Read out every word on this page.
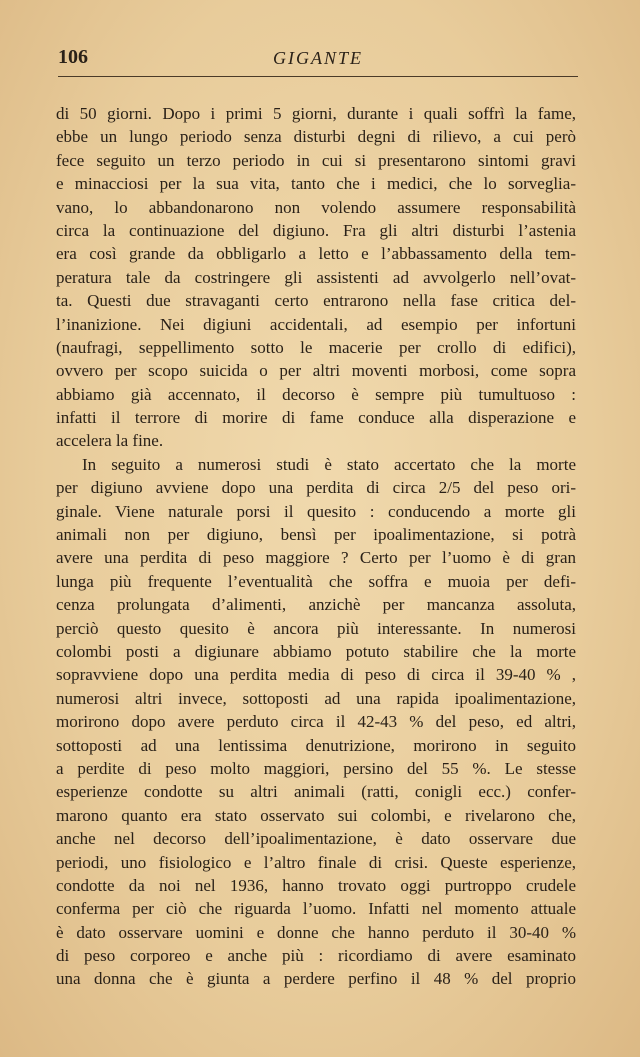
106	GIGANTE
di 50 giorni. Dopo i primi 5 giorni, durante i quali soffrì la fame,
ebbe un lungo periodo senza disturbi degni di rilievo, a cui però
fece seguito un terzo periodo in cui si presentarono sintomi gravi
e minacciosi per la sua vita, tanto che i medici, che lo sorveglia-
vano, lo abbandonarono non volendo assumere responsabilità
circa la continuazione del digiuno. Fra gli altri disturbi l’astenia
era così grande da obbligarlo a letto e l’abbassamento della tem-
peratura tale da costringere gli assistenti ad avvolgerlo nell’ovat-
ta. Questi due stravaganti certo entrarono nella fase critica del-
l’inanizione. Nei digiuni accidentali, ad esempio per infortuni
(naufragi, seppellimento sotto le macerie per crollo di edifici),
ovvero per scopo suicida o per altri moventi morbosi, come sopra
abbiamo già accennato, il decorso è sempre più tumultuoso :
infatti il terrore di morire di fame conduce alla disperazione e
accelera la fine.
In seguito a numerosi studi è stato accertato che la morte
per digiuno avviene dopo una perdita di circa 2/5 del peso ori-
ginale. Viene naturale porsi il quesito : conducendo a morte gli
animali non per digiuno, bensì per ipoalimentazione, si potrà
avere una perdita di peso maggiore ? Certo per l’uomo è di gran
lunga più frequente l’eventualità che soffra e muoia per defi-
cenza prolungata d’alimenti, anzichè per mancanza assoluta,
perciò questo quesito è ancora più interessante. In numerosi
colombi posti a digiunare abbiamo potuto stabilire che la morte
sopravviene dopo una perdita media di peso di circa il 39-40 % ,
numerosi altri invece, sottoposti ad una rapida ipoalimentazione,
morirono dopo avere perduto circa il 42-43 % del peso, ed altri,
sottoposti ad una lentissima denutrizione, morirono in seguito
a perdite di peso molto maggiori, persino del 55 %. Le stesse
esperienze condotte su altri animali (ratti, conigli ecc.) confer-
marono quanto era stato osservato sui colombi, e rivelarono che,
anche nel decorso dell’ipoalimentazione, è dato osservare due
periodi, uno fisiologico e l’altro finale di crisi. Queste esperienze,
condotte da noi nel 1936, hanno trovato oggi purtroppo crudele
conferma per ciò che riguarda l’uomo. Infatti nel momento attuale
è dato osservare uomini e donne che hanno perduto il 30-40 %
di peso corporeo e anche più : ricordiamo di avere esaminato
una donna che è giunta a perdere perfino il 48 % del proprio
